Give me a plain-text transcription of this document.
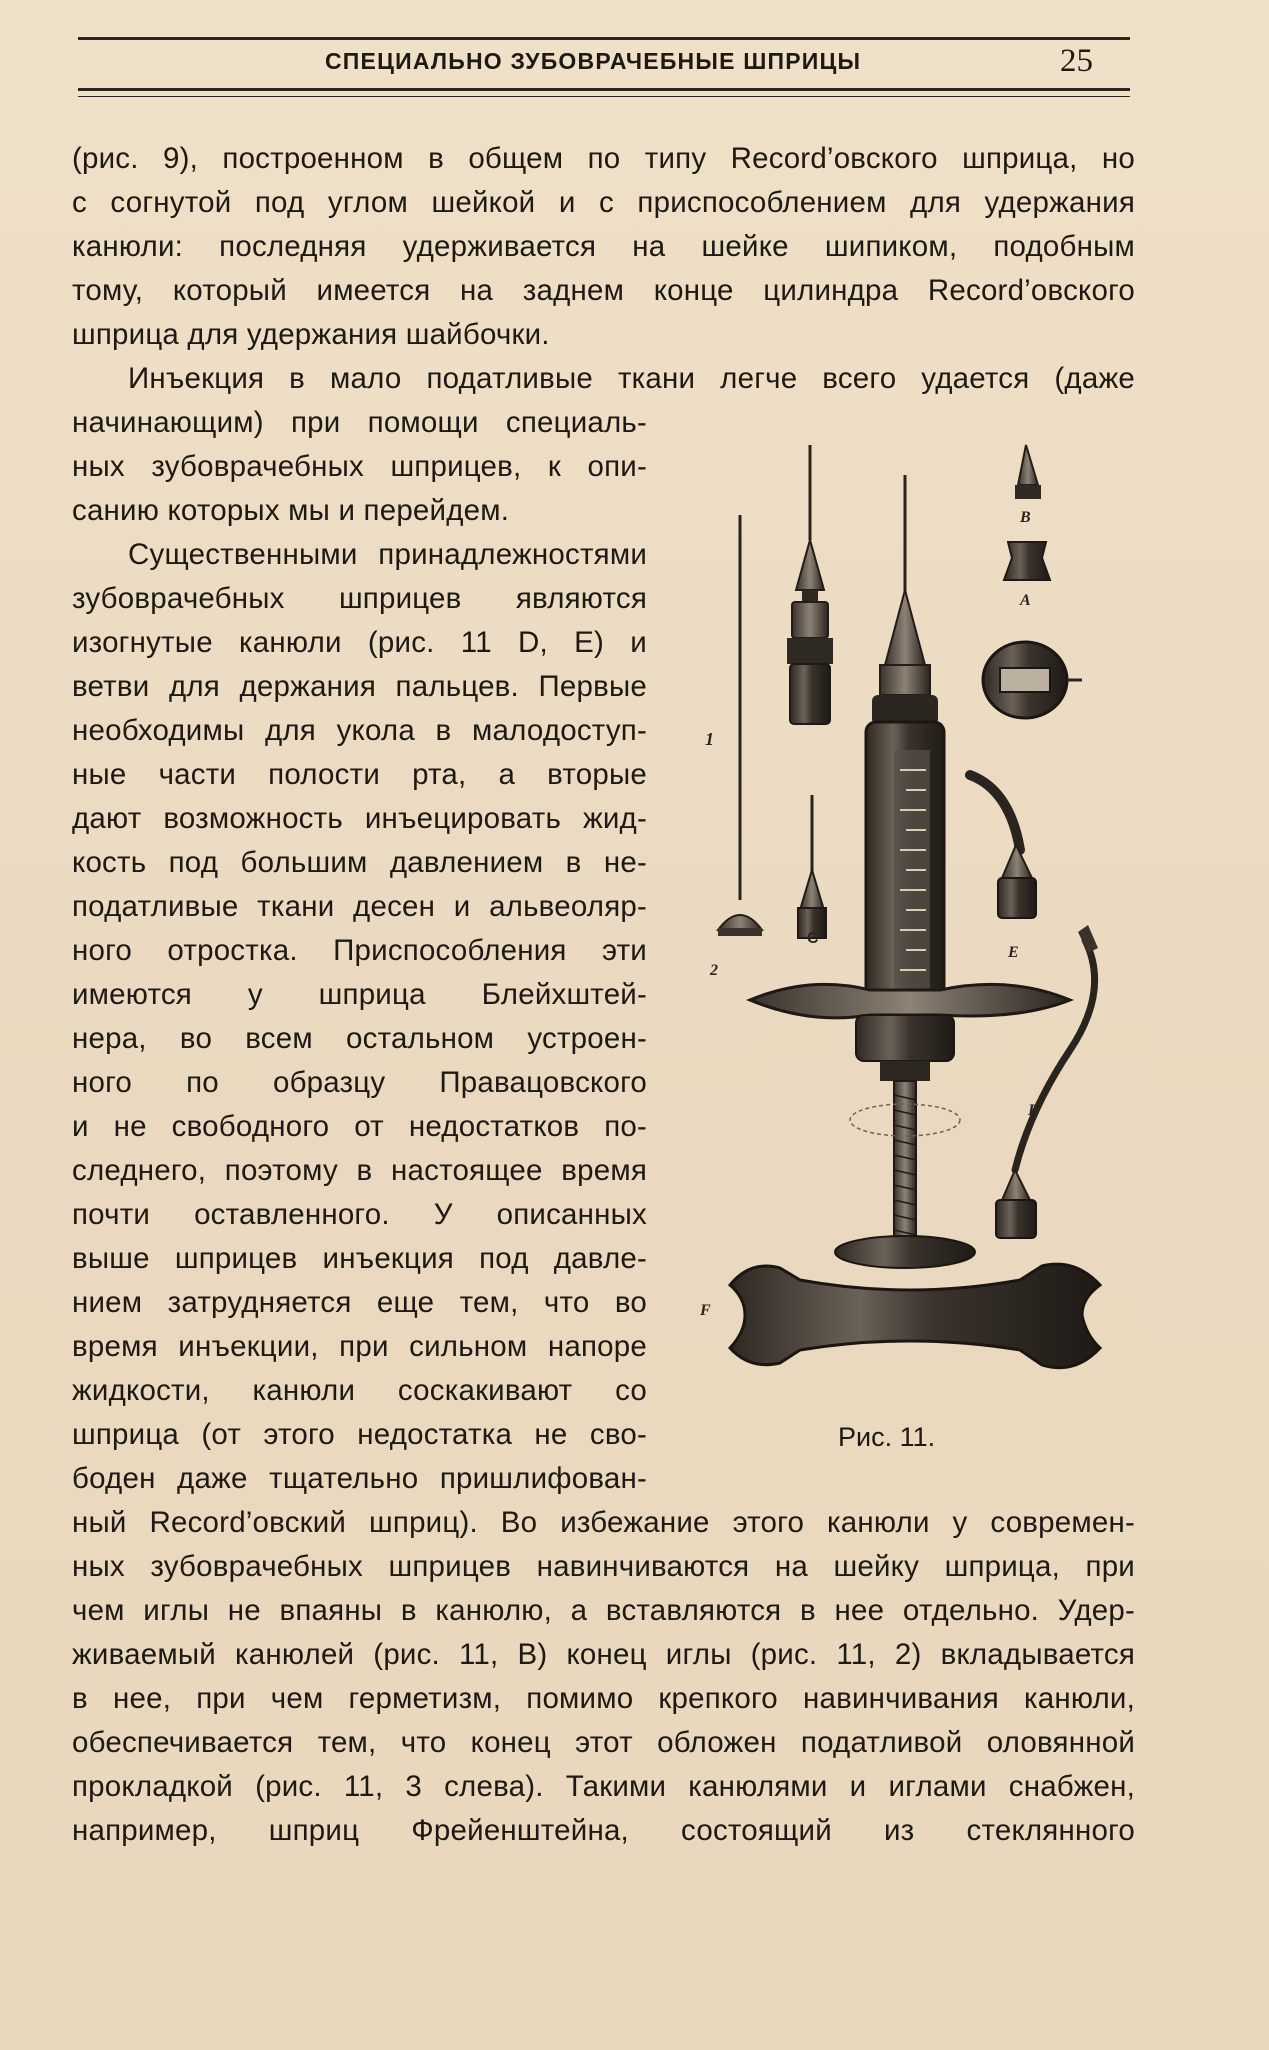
СПЕЦИАЛЬНО ЗУБОВРАЧЕБНЫЕ ШПРИЦЫ	25
(рис. 9), построенном в общем по типу Record’овского шприца, но
с согнутой под углом шейкой и с приспособлением для удержания
канюли: последняя удерживается на шейке шипиком, подобным
тому, который имеется на заднем конце цилиндра Record’овского
шприца для удержания шайбочки.
Инъекция в мало податливые ткани легче всего удается (даже
начинающим) при помощи специаль-
ных зубоврачебных шприцев, к опи-
санию которых мы и перейдем.
Существенными принадлежностями
зубоврачебных шприцев являются
изогнутые канюли (рис. 11 D, E) и
ветви для держания пальцев. Первые
необходимы для укола в малодоступ-
ные части полости рта, а вторые
дают возможность инъецировать жид-
кость под большим давлением в не-
податливые ткани десен и альвеоляр-
ного отростка. Приспособления эти
имеются у шприца Блейхштей-
нера, во всем остальном устроен-
ного по образцу Правацовского
и не свободного от недостатков по-
следнего, поэтому в настоящее время
почти оставленного. У описанных
выше шприцев инъекция под давле-
нием затрудняется еще тем, что во
время инъекции, при сильном напоре
жидкости, канюли соскакивают со
шприца (от этого недостатка не сво-
боден даже тщательно пришлифован-
ный Record’овский шприц). Во избежание этого канюли у современ-
ных зубоврачебных шприцев навинчиваются на шейку шприца, при
чем иглы не впаяны в канюлю, а вставляются в нее отдельно. Удер-
живаемый канюлей (рис. 11, B) конец иглы (рис. 11, 2) вкладывается
в нее, при чем герметизм, помимо крепкого навинчивания канюли,
обеспечивается тем, что конец этот обложен податливой оловянной
прокладкой (рис. 11, 3 слева). Такими канюлями и иглами снабжен,
например, шприц Фрейенштейна, состоящий из стеклянного
1
2
C
B
A
E
D
F
Рис. 11.
